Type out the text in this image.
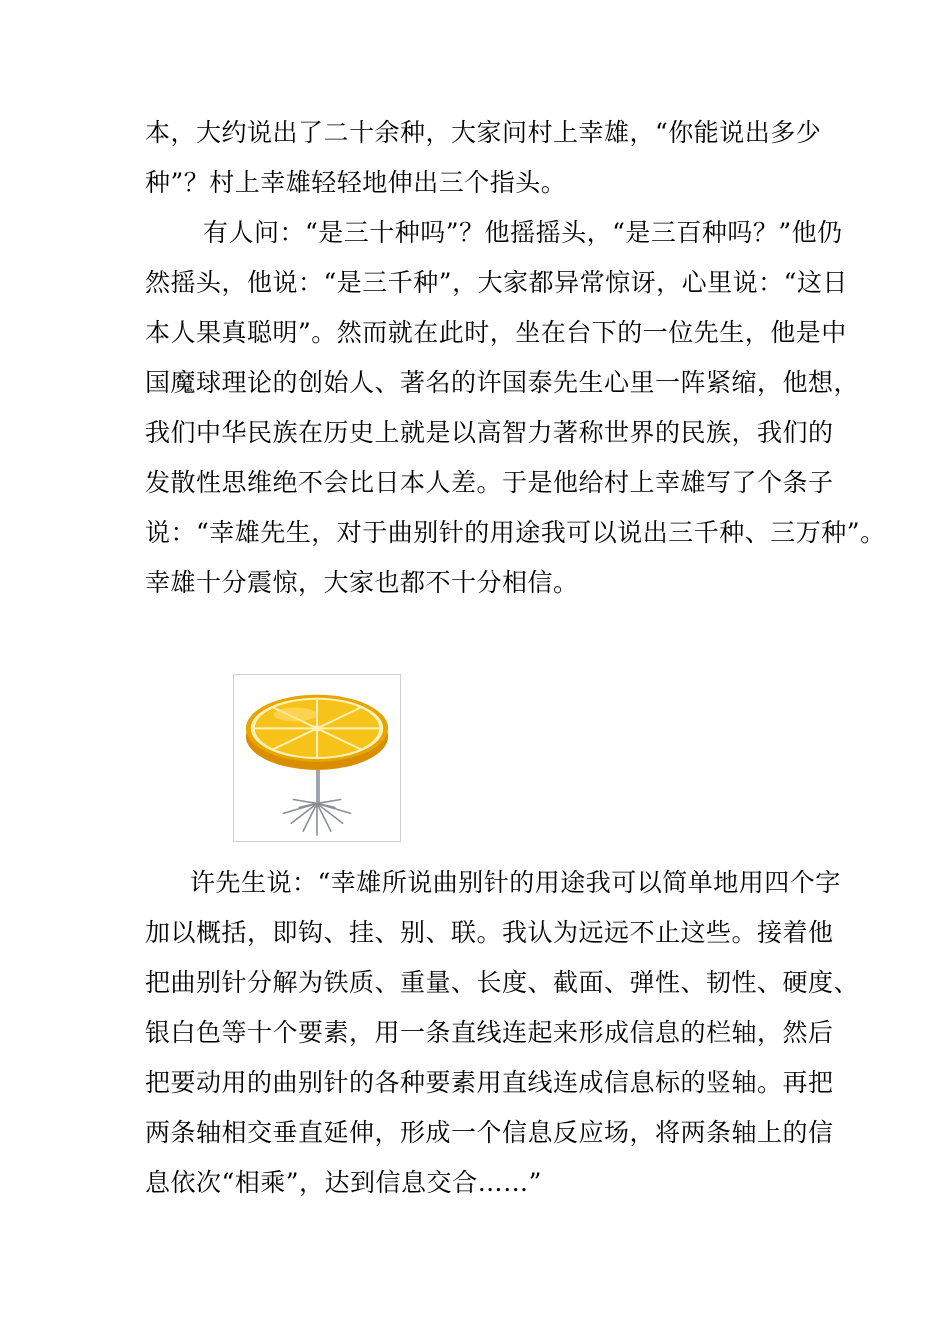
本，大约说出了二十余种，大家问村上幸雄，“你能说出多少
种”？村上幸雄轻轻地伸出三个指头。
有人问：“是三十种吗”？他摇摇头，“是三百种吗？”他仍
然摇头，他说：“是三千种”，大家都异常惊讶，心里说：“这日
本人果真聪明”。然而就在此时，坐在台下的一位先生，他是中
国魔球理论的创始人、著名的许国泰先生心里一阵紧缩，他想，
我们中华民族在历史上就是以高智力著称世界的民族，我们的
发散性思维绝不会比日本人差。于是他给村上幸雄写了个条子
说：“幸雄先生，对于曲别针的用途我可以说出三千种、三万种”。
幸雄十分震惊，大家也都不十分相信。
许先生说：“幸雄所说曲别针的用途我可以简单地用四个字
加以概括，即钩、挂、别、联。我认为远远不止这些。接着他
把曲别针分解为铁质、重量、长度、截面、弹性、韧性、硬度、
银白色等十个要素，用一条直线连起来形成信息的栏轴，然后
把要动用的曲别针的各种要素用直线连成信息标的竖轴。再把
两条轴相交垂直延伸，形成一个信息反应场，将两条轴上的信
息依次“相乘”，达到信息交合……”
